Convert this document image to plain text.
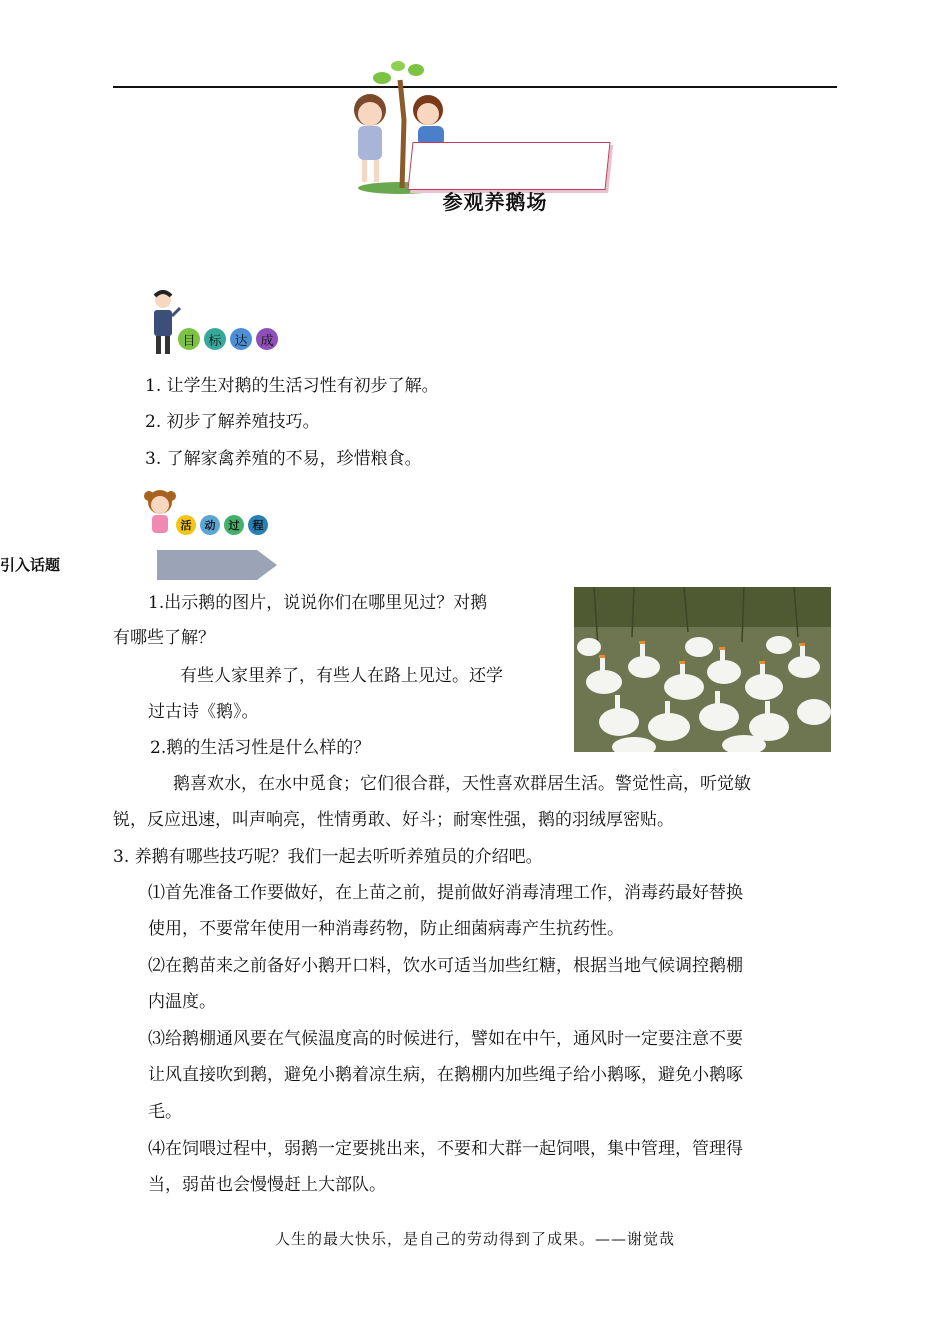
参观养鹅场
目 标 达 成
1. 让学生对鹅的生活习性有初步了解。
2. 初步了解养殖技巧。
3. 了解家禽养殖的不易，珍惜粮食。
活	动	过	程
引入话题
1.出示鹅的图片，说说你们在哪里见过？对鹅
有哪些了解？
有些人家里养了，有些人在路上见过。还学
过古诗《鹅》。
2.鹅的生活习性是什么样的？
鹅喜欢水，在水中觅食；它们很合群，天性喜欢群居生活。警觉性高，听觉敏
锐，反应迅速，叫声响亮，性情勇敢、好斗；耐寒性强，鹅的羽绒厚密贴。
3. 养鹅有哪些技巧呢？我们一起去听听养殖员的介绍吧。
⑴首先准备工作要做好，在上苗之前，提前做好消毒清理工作，消毒药最好替换
使用，不要常年使用一种消毒药物，防止细菌病毒产生抗药性。
⑵在鹅苗来之前备好小鹅开口料，饮水可适当加些红糖，根据当地气候调控鹅棚
内温度。
⑶给鹅棚通风要在气候温度高的时候进行，譬如在中午，通风时一定要注意不要
让风直接吹到鹅，避免小鹅着凉生病，在鹅棚内加些绳子给小鹅啄，避免小鹅啄
毛。
⑷在饲喂过程中，弱鹅一定要挑出来，不要和大群一起饲喂，集中管理，管理得
当，弱苗也会慢慢赶上大部队。
人生的最大快乐，是自己的劳动得到了成果。——谢觉哉
